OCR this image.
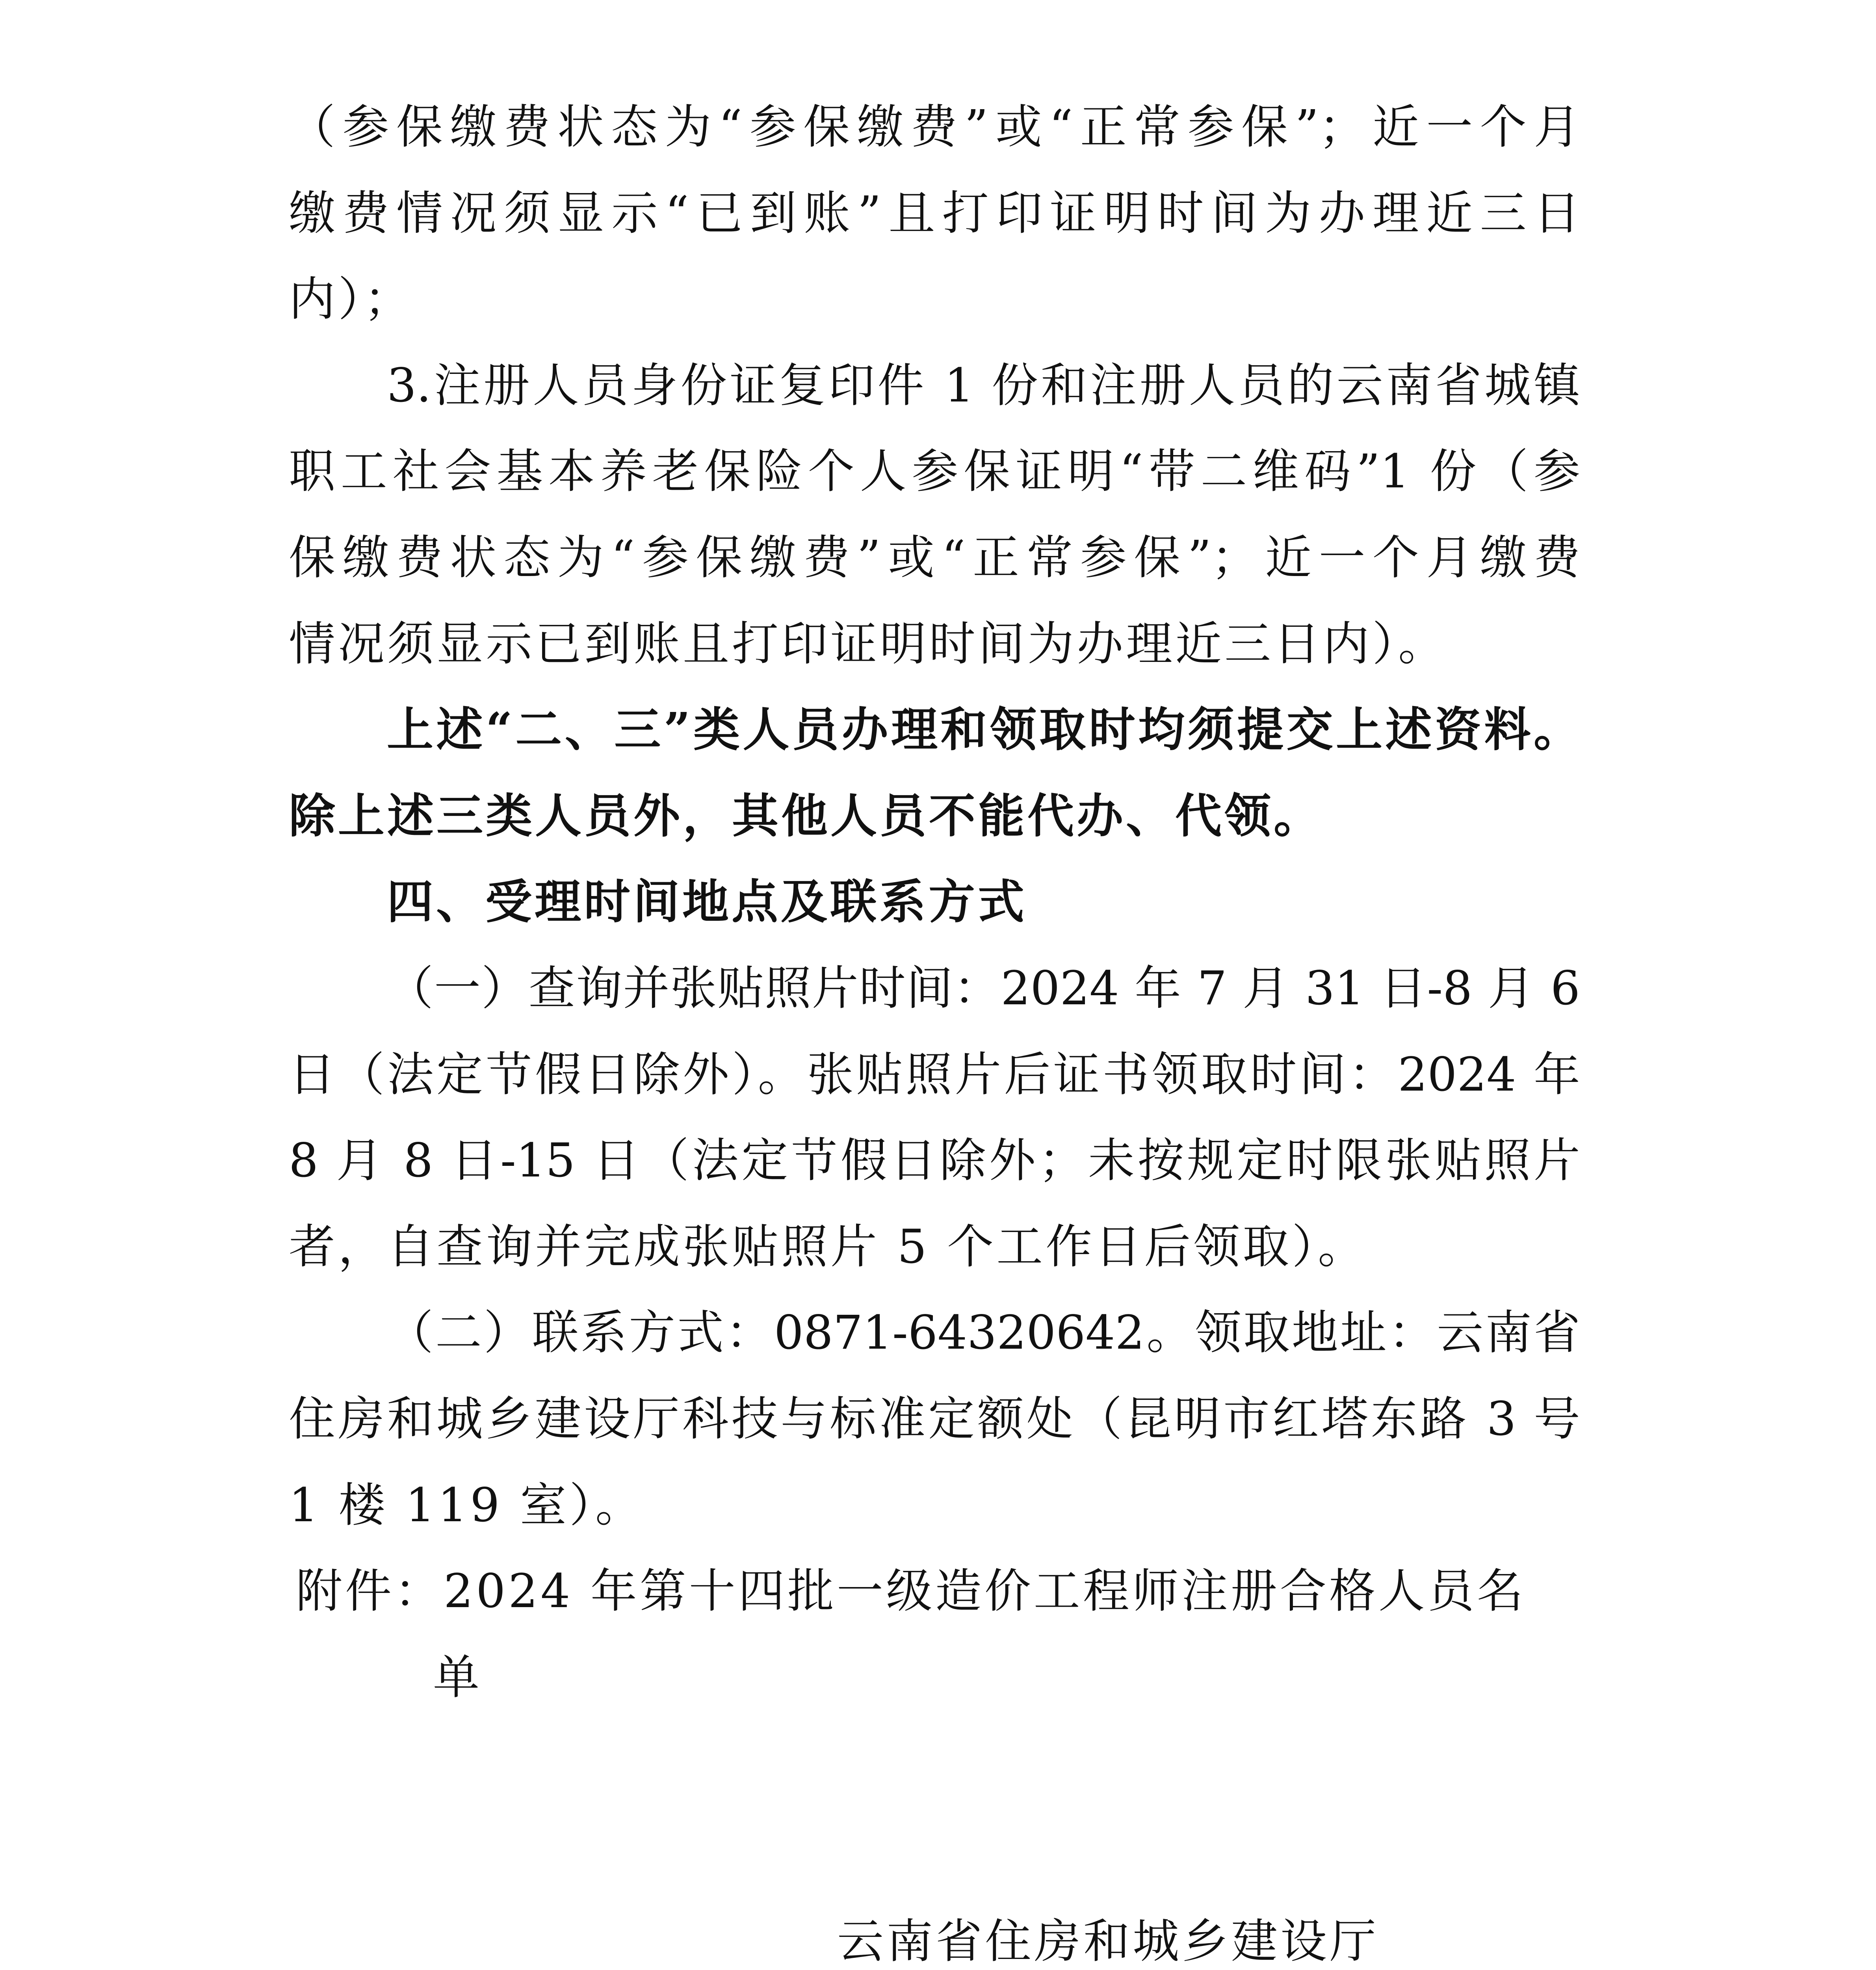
（参保缴费状态为“参保缴费”或“正常参保”；近一个月
缴费情况须显示“已到账”且打印证明时间为办理近三日
内）；
3.注册人员身份证复印件 1 份和注册人员的云南省城镇
职工社会基本养老保险个人参保证明“带二维码”1 份（参
保缴费状态为“参保缴费”或“正常参保”；近一个月缴费
情况须显示已到账且打印证明时间为办理近三日内）。
上述“二、三”类人员办理和领取时均须提交上述资料。
除上述三类人员外，其他人员不能代办、代领。
四、受理时间地点及联系方式
（一）查询并张贴照片时间：2024 年 7 月 31 日-8 月 6
日（法定节假日除外）。张贴照片后证书领取时间：2024 年
8 月 8 日-15 日（法定节假日除外；未按规定时限张贴照片
者，自查询并完成张贴照片 5 个工作日后领取）。
（二）联系方式：0871-64320642。领取地址：云南省
住房和城乡建设厅科技与标准定额处（昆明市红塔东路 3 号
1 楼 119 室）。
附件：2024 年第十四批一级造价工程师注册合格人员名
单
云南省住房和城乡建设厅
